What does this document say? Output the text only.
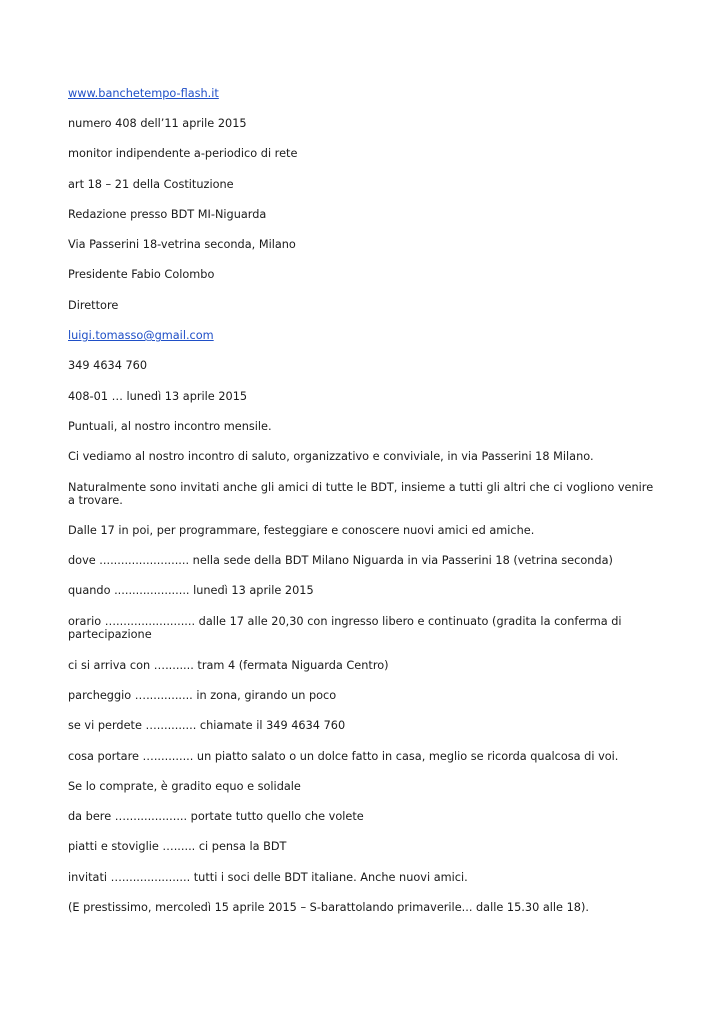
www.banchetempo-flash.it
numero 408 dell’11 aprile 2015
monitor indipendente a-periodico di rete
art 18 – 21 della Costituzione
Redazione presso BDT MI-Niguarda
Via Passerini 18-vetrina seconda, Milano
Presidente Fabio Colombo
Direttore
luigi.tomasso@gmail.com
349 4634 760
408-01 … lunedì 13 aprile 2015
Puntuali, al nostro incontro mensile.
Ci vediamo al nostro incontro di saluto, organizzativo e conviviale, in via Passerini 18 Milano.
Naturalmente sono invitati anche gli amici di tutte le BDT, insieme a tutti gli altri che ci vogliono venire a trovare.
Dalle 17 in poi, per programmare, festeggiare e conoscere nuovi amici ed amiche.
dove ......................... nella sede della BDT Milano Niguarda in via Passerini 18 (vetrina seconda)
quando ..................... lunedì 13 aprile 2015
orario …...................... dalle 17 alle 20,30 con ingresso libero e continuato (gradita la conferma di partecipazione
ci si arriva con …........ tram 4 (fermata Niguarda Centro)
parcheggio …............. in zona, girando un poco
se vi perdete …........... chiamate il 349 4634 760
cosa portare …........... un piatto salato o un dolce fatto in casa, meglio se ricorda qualcosa di voi.
Se lo comprate, è gradito equo e solidale
da bere …................. portate tutto quello che volete
piatti e stoviglie …...... ci pensa la BDT
invitati …................... tutti i soci delle BDT italiane. Anche nuovi amici.
(E prestissimo, mercoledì 15 aprile 2015 – S-barattolando primaverile... dalle 15.30 alle 18).
